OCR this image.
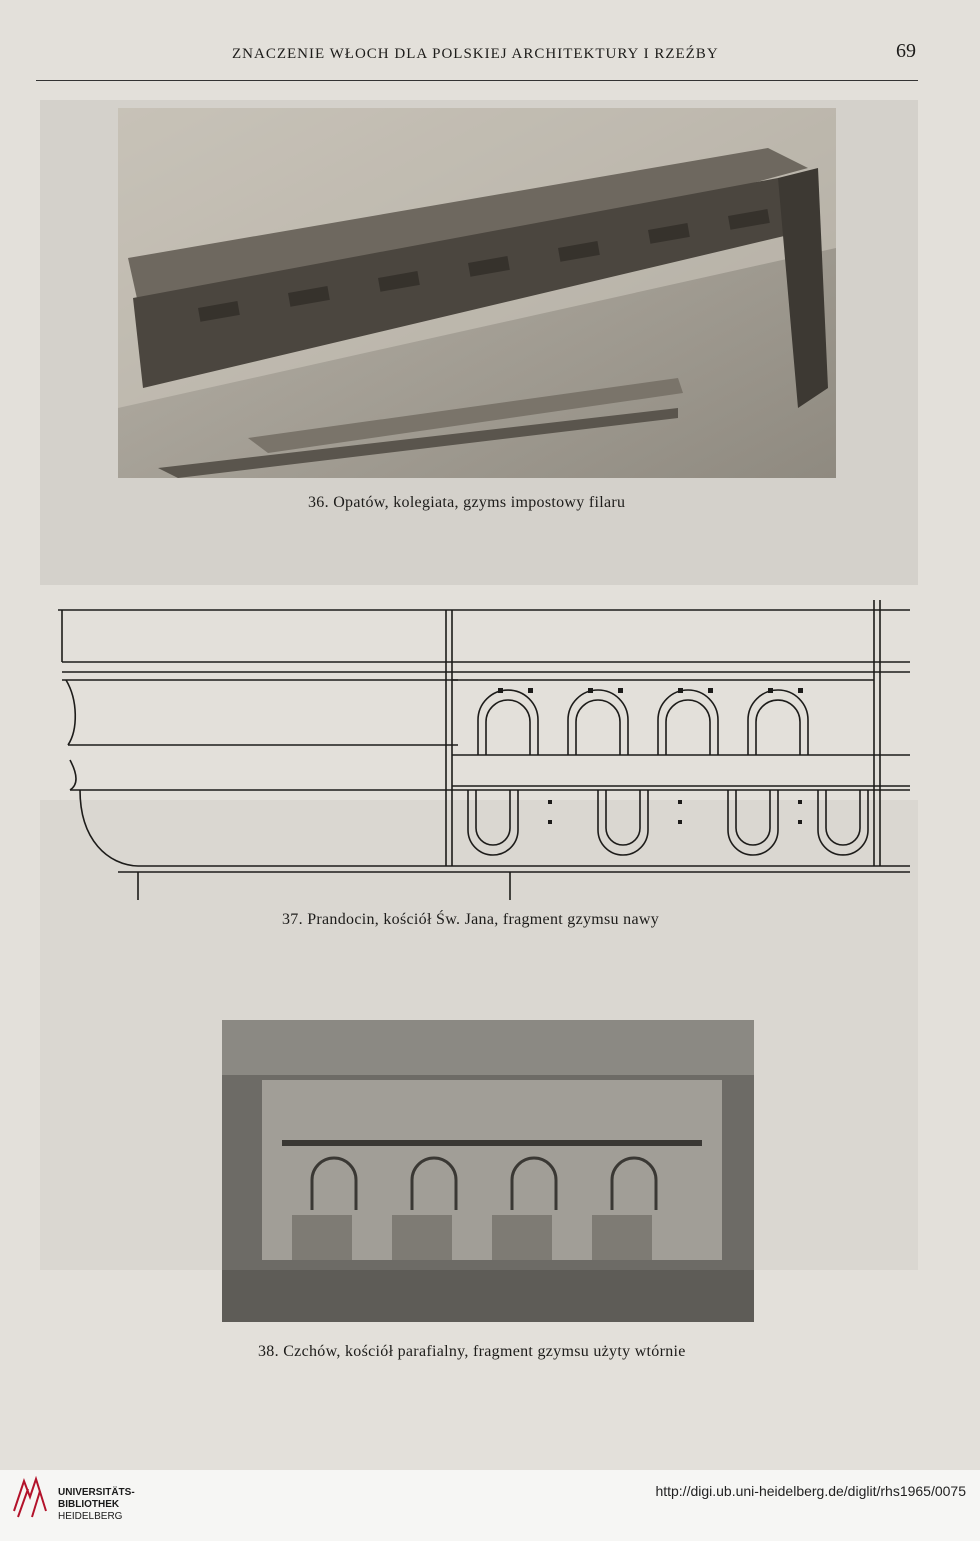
ZNACZENIE WŁOCH DLA POLSKIEJ ARCHITEKTURY I RZEŹBY	69
36. Opatów, kolegiata, gzyms impostowy filaru
37. Prandocin, kościół Św. Jana, fragment gzymsu nawy
38. Czchów, kościół parafialny, fragment gzymsu użyty wtórnie
UNIVERSITÄTS-
BIBLIOTHEK
HEIDELBERG
http://digi.ub.uni-heidelberg.de/diglit/rhs1965/0075
